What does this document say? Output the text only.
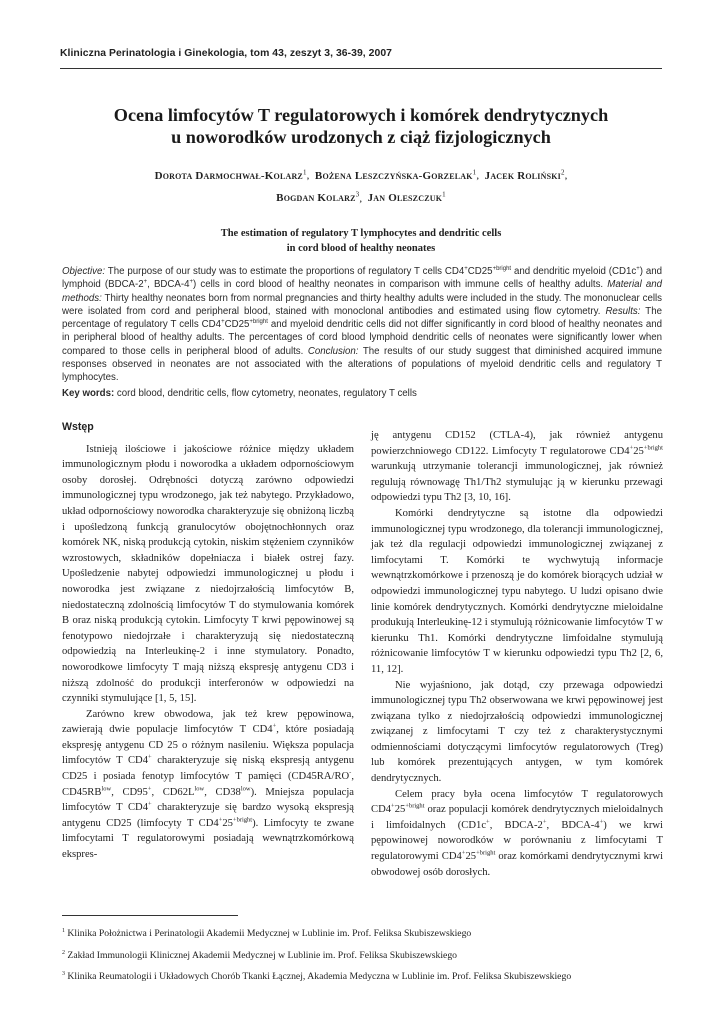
Kliniczna Perinatologia i Ginekologia, tom 43, zeszyt 3, 36-39, 2007
Ocena limfocytów T regulatorowych i komórek dendrytycznych
u noworodków urodzonych z ciąż fizjologicznych
Dorota Darmochwał-Kolarz$^1$,  Bożena Leszczyńska-Gorzelak$^1$,  Jacek Roliński$^2$,
Bogdan Kolarz$^3$,  Jan Oleszczuk$^1$
The estimation of regulatory T lymphocytes and dendritic cells
in cord blood of healthy neonates
Objective: The purpose of our study was to estimate the proportions of regulatory T cells $CD4^+CD25^{+bright}$ and dendritic myeloid (CD1c+) and lymphoid (BDCA-2+, BDCA-4+) cells in cord blood of healthy neonates in comparison with immune cells of healthy adults. Material and methods: Thirty healthy neonates born from normal pregnancies and thirty healthy adults were included in the study. The mononuclear cells were isolated from cord and peripheral blood, stained with monoclonal antibodies and estimated using flow cytometry. Results: The percentage of regulatory T cells $CD4^+CD25^{+bright}$ and myeloid dendritic cells did not differ significantly in cord blood of healthy neonates and in peripheral blood of healthy adults. The percentages of cord blood lymphoid dendritic cells of neonates were significantly lower when compared to those cells in peripheral blood of adults. Conclusion: The results of our study suggest that diminished acquired immune responses observed in neonates are not associated with the alterations of populations of myeloid dendritic cells and regulatory T lymphocytes.
Key words: cord blood, dendritic cells, flow cytometry, neonates, regulatory T cells
Wstęp

Istnieją ilościowe i jakościowe różnice między układem immunologicznym płodu i noworodka a układem odpornościowym osoby dorosłej. Odrębności dotyczą zarówno odpowiedzi immunologicznej typu wrodzonego, jak też nabytego. Przykładowo, układ odpornościowy noworodka charakteryzuje się obniżoną liczbą i upośledzoną funkcją granulocytów obojętnochłonnych oraz komórek NK, niską produkcją cytokin, niskim stężeniem czynników wzrostowych, składników dopełniacza i białek ostrej fazy. Upośledzenie nabytej odpowiedzi immunologicznej u płodu i noworodka jest związane z niedojrzałością limfocytów B, niedostateczną zdolnością limfocytów T do stymulowania komórek B oraz niską produkcją cytokin. Limfocyty T krwi pępowinowej są fenotypowo niedojrzałe i charakteryzują się niedostateczną odpowiedzią na Interleukinę-2 i inne stymulatory. Ponadto, noworodkowe limfocyty T mają niższą ekspresję antygenu CD3 i niższą zdolność do produkcji interferonów w odpowiedzi na czynniki stymulujące [1, 5, 15].

Zarówno krew obwodowa, jak też krew pępowinowa, zawierają dwie populacje limfocytów T CD4+, które posiadają ekspresję antygenu CD 25 o różnym nasileniu. Większa populacja limfocytów T CD4+ charakteryzuje się niską ekspresją antygenu CD25 i posiada fenotyp limfocytów T pamięci (CD45RA/RO-, $CD45RB^{low}$, CD95+, $CD62L^{low}$, $CD38^{low}$). Mniejsza populacja limfocytów T CD4+ charakteryzuje się bardzo wysoką ekspresją antygenu CD25 (limfocyty T $CD4^+25^{+bright}$). Limfocyty te zwane limfocytami T regulatorowymi posiadają wewnątrzkomórkową ekspres-

ję antygenu CD152 (CTLA-4), jak również antygenu powierzchniowego CD122. Limfocyty T regulatorowe $CD4^+25^{+bright}$ warunkują utrzymanie tolerancji immunologicznej, jak również regulują równowagę Th1/Th2 stymulując ją w kierunku przewagi odpowiedzi typu Th2 [3, 10, 16].

Komórki dendrytyczne są istotne dla odpowiedzi immunologicznej typu wrodzonego, dla tolerancji immunologicznej, jak też dla regulacji odpowiedzi immunologicznej związanej z limfocytami T. Komórki te wychwytują informacje wewnątrzkomórkowe i przenoszą je do komórek biorących udział w odpowiedzi immunologicznej typu nabytego. U ludzi opisano dwie linie komórek dendrytycznych. Komórki dendrytyczne mieloidalne produkują Interleukinę-12 i stymulują różnicowanie limfocytów T w kierunku Th1. Komórki dendrytyczne limfoidalne stymulują różnicowanie limfocytów T w kierunku odpowiedzi typu Th2 [2, 6, 11, 12].

Nie wyjaśniono, jak dotąd, czy przewaga odpowiedzi immunologicznej typu Th2 obserwowana we krwi pępowinowej jest związana tylko z niedojrzałością odpowiedzi immunologicznej związanej z limfocytami T czy też z charakterystycznymi odmiennościami dotyczącymi limfocytów regulatorowych (Treg) lub komórek prezentujących antygen, w tym komórek dendrytycznych.

Celem pracy była ocena limfocytów T regulatorowych $CD4^+25^{+bright}$ oraz populacji komórek dendrytycznych mieloidalnych i limfoidalnych (CD1c+, BDCA-2+, BDCA-4+) we krwi pępowinowej noworodków w porównaniu z limfocytami T regulatorowymi $CD4^+25^{+bright}$ oraz komórkami dendrytycznymi krwi obwodowej osób dorosłych.

$^1$ Klinika Położnictwa i Perinatologii Akademii Medycznej w Lublinie im. Prof. Feliksa Skubiszewskiego
$^2$ Zakład Immunologii Klinicznej Akademii Medycznej w Lublinie im. Prof. Feliksa Skubiszewskiego
$^3$ Klinika Reumatologii i Układowych Chorób Tkanki Łącznej, Akademia Medyczna w Lublinie im. Prof. Feliksa Skubiszewskiego
